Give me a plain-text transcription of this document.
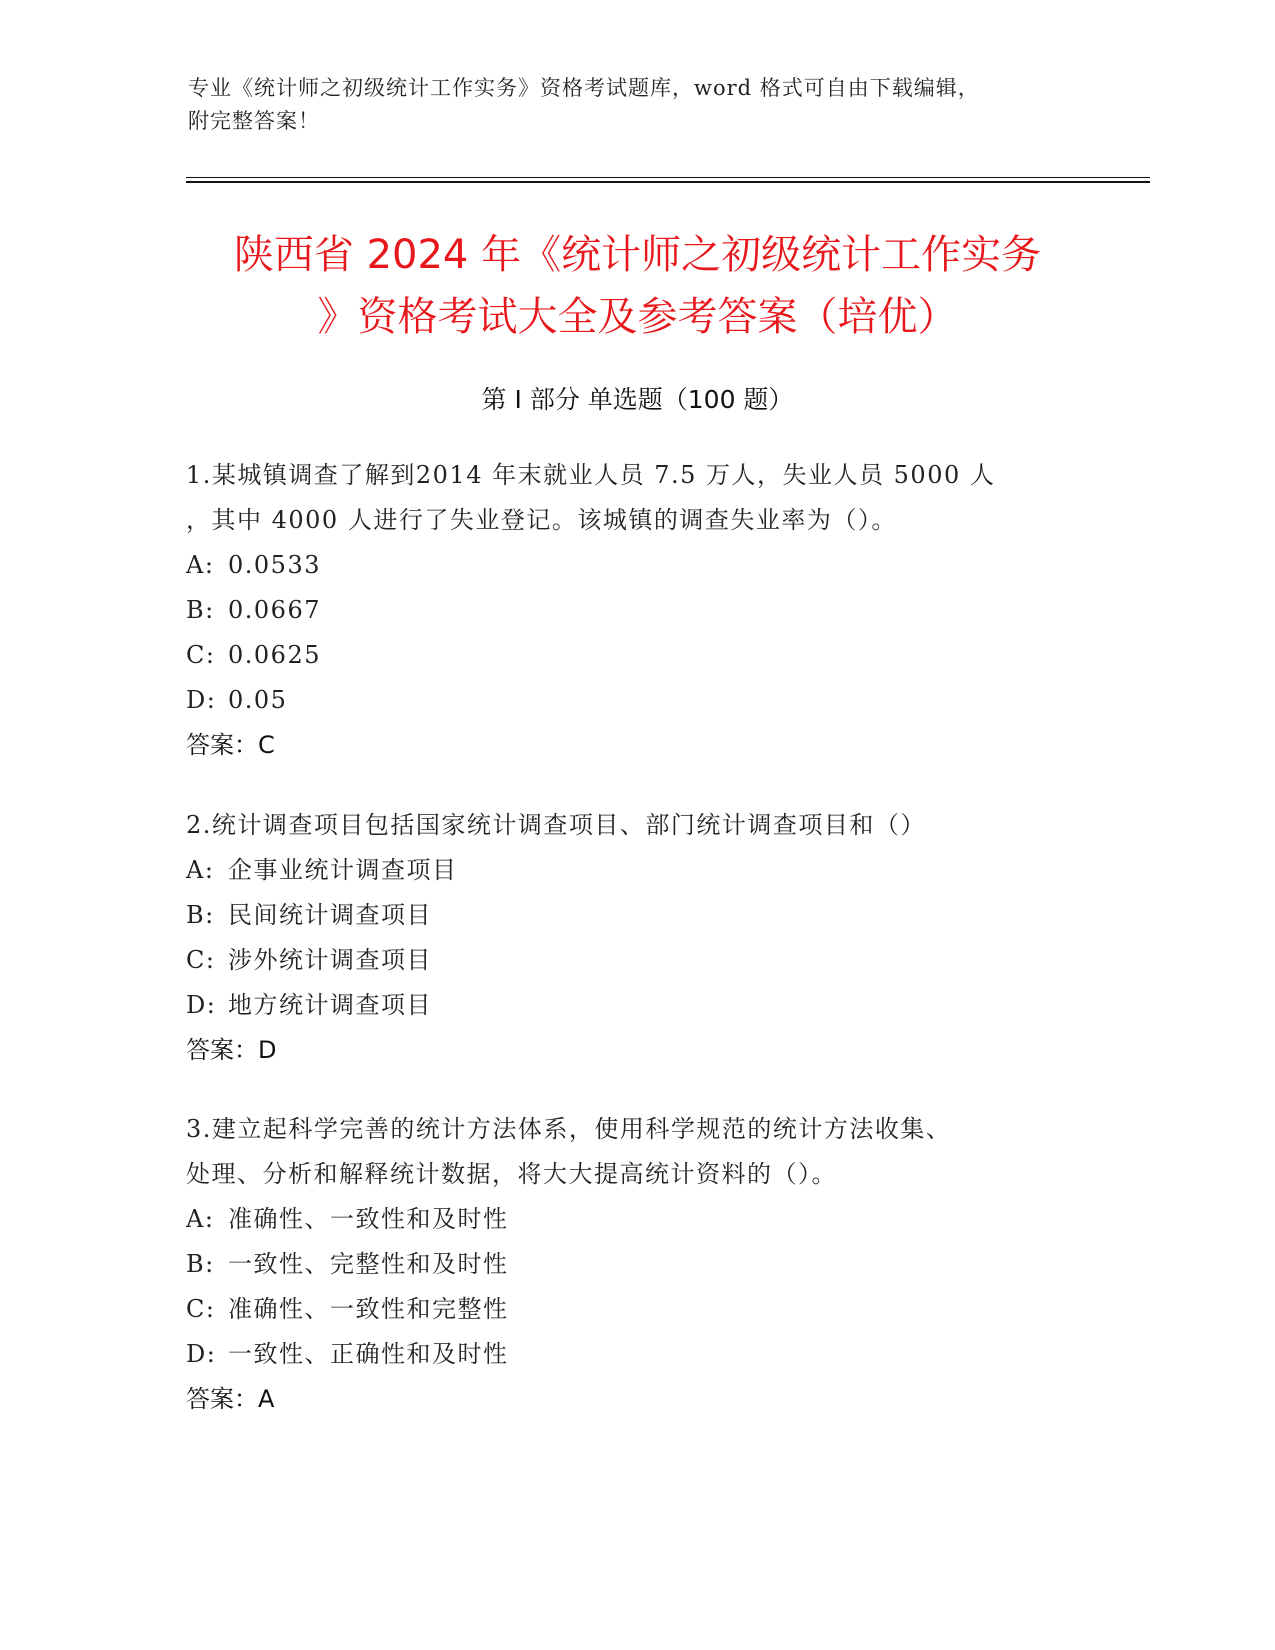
专业《统计师之初级统计工作实务》资格考试题库，word 格式可自由下载编辑，
附完整答案！
陕西省 2024 年《统计师之初级统计工作实务
》资格考试大全及参考答案（培优）
第 I 部分 单选题（100 题）
1.某城镇调查了解到2014 年末就业人员 7.5 万人，失业人员 5000 人
，其中 4000 人进行了失业登记。该城镇的调查失业率为（）。
A: 0.0533
B: 0.0667
C: 0.0625
D: 0.05
答案：C
2.统计调查项目包括国家统计调查项目、部门统计调查项目和（）
A: 企事业统计调查项目
B: 民间统计调查项目
C: 涉外统计调查项目
D: 地方统计调查项目
答案：D
3.建立起科学完善的统计方法体系，使用科学规范的统计方法收集、
处理、分析和解释统计数据，将大大提高统计资料的（）。
A: 准确性、一致性和及时性
B: 一致性、完整性和及时性
C: 准确性、一致性和完整性
D: 一致性、正确性和及时性
答案：A
